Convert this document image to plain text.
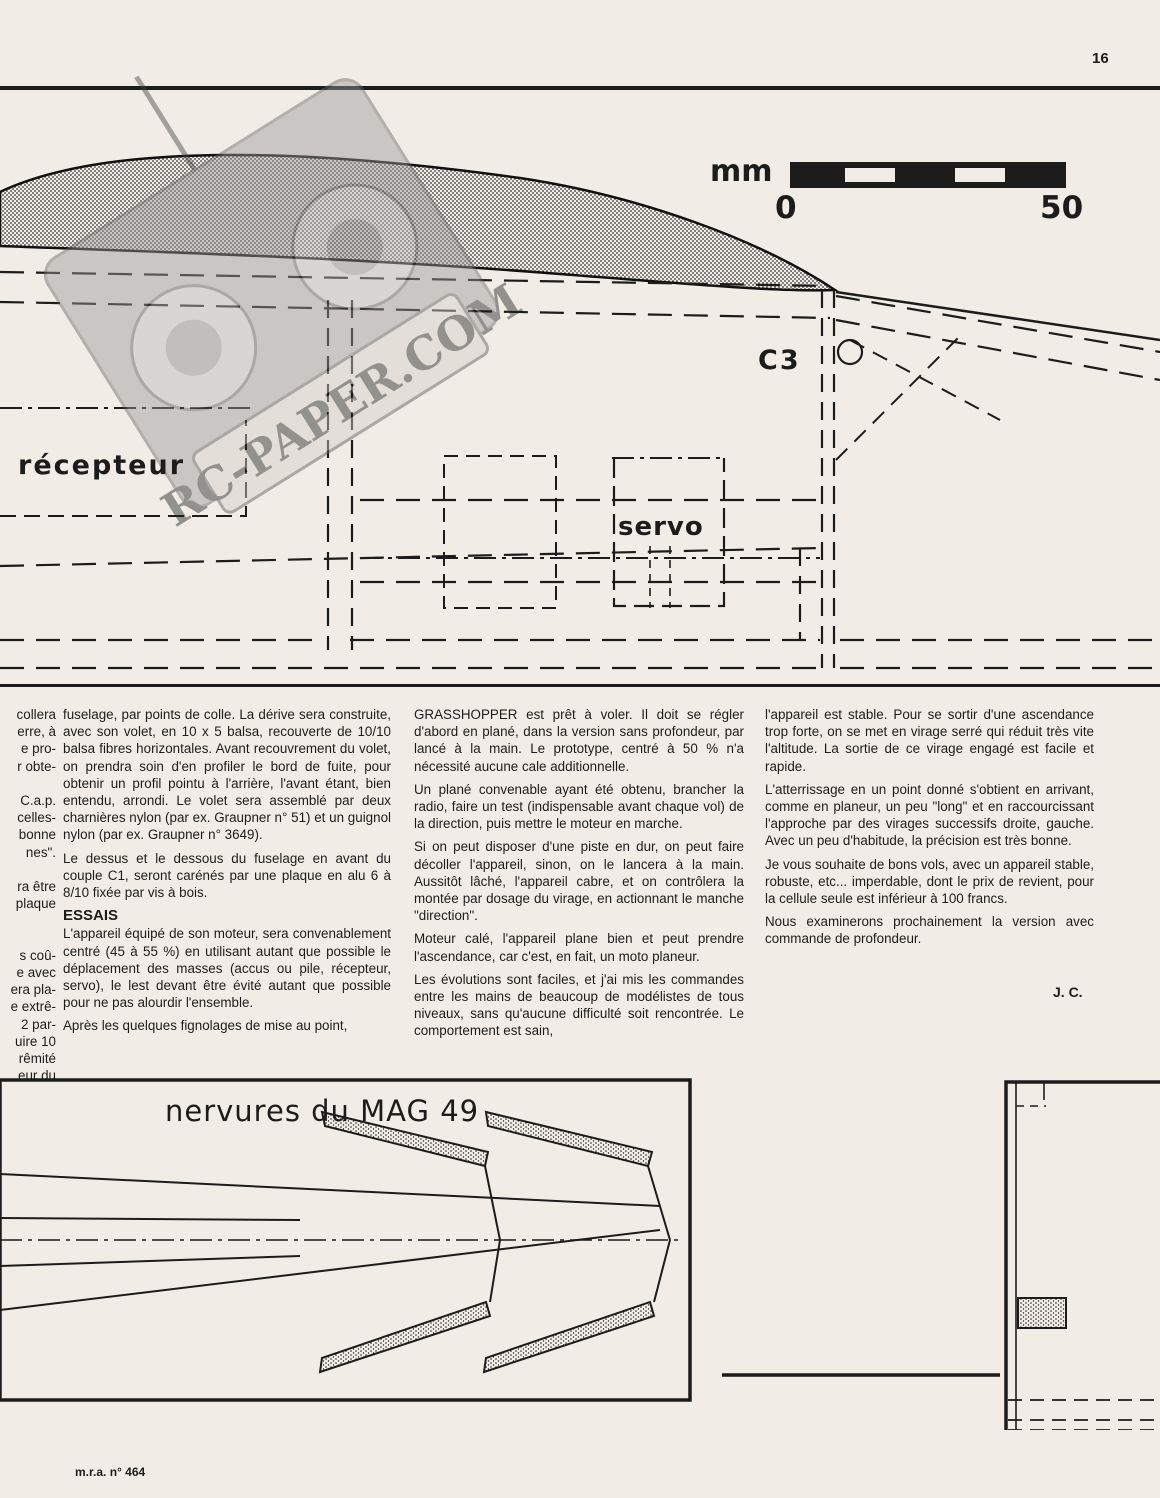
16
RC-PAPER.COM
récepteur
servo
C3
mm
0	50

collera

erre, à

e pro-

r obte-

C.a.p.

celles-

bonne

nes".

ra être

plaque

s coû-

e avec

era pla-

e extrê-

2 par-

uire 10

rêmité

eur du

fuselage, par points de colle. La dérive sera construite, avec son volet, en 10 x 5 balsa, recouverte de 10/10 balsa fibres horizontales. Avant recouvrement du volet, on prendra soin d'en profiler le bord de fuite, pour obtenir un profil pointu à l'arrière, l'avant étant, bien entendu, arrondi. Le volet sera assemblé par deux charnières nylon (par ex. Graupner n° 51) et un guignol nylon (par ex. Graupner n° 3649).

Le dessus et le dessous du fuselage en avant du couple C1, seront carénés par une plaque en alu 6 à 8/10 fixée par vis à bois.

ESSAIS

L'appareil équipé de son moteur, sera convenablement centré (45 à 55 %) en utilisant autant que possible le déplacement des masses (accus ou pile, récepteur, servo), le lest devant être évité autant que possible pour ne pas alourdir l'ensemble.

Après les quelques fignolages de mise au point,

GRASSHOPPER est prêt à voler. Il doit se régler d'abord en plané, dans la version sans profondeur, par lancé à la main. Le prototype, centré à 50 % n'a nécessité aucune cale additionnelle.

Un plané convenable ayant été obtenu, brancher la radio, faire un test (indispensable avant chaque vol) de la direction, puis mettre le moteur en marche.

Si on peut disposer d'une piste en dur, on peut faire décoller l'appareil, sinon, on le lancera à la main. Aussitôt lâché, l'appareil cabre, et on contrôlera la montée par dosage du virage, en actionnant le manche "direction".

Moteur calé, l'appareil plane bien et peut prendre l'ascendance, car c'est, en fait, un moto planeur.

Les évolutions sont faciles, et j'ai mis les commandes entre les mains de beaucoup de modélistes de tous niveaux, sans qu'aucune difficulté soit rencontrée. Le comportement est sain,

l'appareil est stable. Pour se sortir d'une ascendance trop forte, on se met en virage serré qui réduit très vite l'altitude. La sortie de ce virage engagé est facile et rapide.

L'atterrissage en un point donné s'obtient en arrivant, comme en planeur, un peu "long" et en raccourcissant l'approche par des virages successifs droite, gauche. Avec un peu d'habitude, la précision est très bonne.

Je vous souhaite de bons vols, avec un appareil stable, robuste, etc... imperdable, dont le prix de revient, pour la cellule seule est inférieur à 100 francs.

Nous examinerons prochainement la version avec commande de profondeur.

J. C.
nervures du MAG 49
m.r.a. n° 464
